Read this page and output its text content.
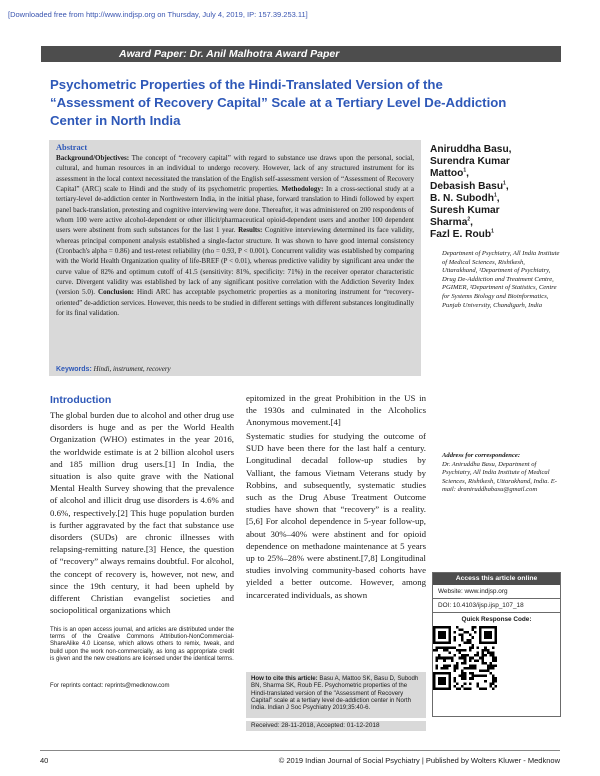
[Downloaded free from http://www.indjsp.org on Thursday, July 4, 2019, IP: 157.39.253.11]
Award Paper: Dr. Anil Malhotra Award Paper
Psychometric Properties of the Hindi-Translated Version of the
“Assessment of Recovery Capital” Scale at a Tertiary Level De-Addiction
Center in North India
Abstract
Background/Objectives: The concept of “recovery capital” with regard to substance use draws upon the personal, social, cultural, and human resources in an individual to undergo recovery. However, lack of any structured instrument for its assessment in the local context necessitated the translation of the English self-assessment version of “Assessment of Recovery Capital” (ARC) scale to Hindi and the study of its psychometric properties. Methodology: In a cross-sectional study at a tertiary-level de-addiction center in Northwestern India, in the initial phase, forward translation to Hindi followed by expert panel back-translation, pretesting and cognitive interviewing were done. Thereafter, it was administered on 200 respondents of whom 100 were active alcohol-dependent or other illicit/pharmaceutical opioid-dependent users and another 100 dependent users were abstinent from such substances for the last 1 year. Results: Cognitive interviewing determined its face validity, whereas principal component analysis established a single-factor structure. It was shown to have good internal consistency (Cronbach's alpha = 0.86) and test-retest reliability (rho = 0.93, P < 0.001). Concurrent validity was established by comparing with the World Health Organization quality of life-BREF (P < 0.01), whereas predictive validity by significant area under the curve value of 82% and optimum cutoff of 41.5 (sensitivity: 81%, specificity: 71%) in the receiver operator characteristic curve. Divergent validity was established by lack of any significant positive correlation with the Addiction Severity Index (version 5.0). Conclusion: Hindi ARC has acceptable psychometric properties as a monitoring instrument for “recovery-oriented” de-addiction services. However, this needs to be studied in different settings with different substances longitudinally for its final validation.
Keywords: Hindi, instrument, recovery
Aniruddha Basu,
Surendra Kumar
Mattoo$^1$,
Debasish Basu$^1$,
B. N. Subodh$^1$,
Suresh Kumar
Sharma$^2$,
Fazl E. Roub$^1$
Department of Psychiatry, All India Institute of Medical Sciences, Rishikesh, Uttarakhand, ¹Department of Psychiatry, Drug De-Addiction and Treatment Centre, PGIMER, ²Department of Statistics, Centre for Systems Biology and Bioinformatics, Punjab University, Chandigarh, India
Address for correspondence:
Dr. Aniruddha Basu, Department of Psychiatry, All India Institute of Medical Sciences, Rishikesh, Uttarakhand, India. E-mail: draniruddhabasu@gmail.com
Access this article online
Website: www.indjsp.org
DOI: 10.4103/ijsp.ijsp_107_18
Quick Response Code:
Introduction
The global burden due to alcohol and other drug use disorders is huge and as per the World Health Organization (WHO) estimates in the year 2016, the worldwide estimate is at 2 billion alcohol users and 185 million drug users.[1] In India, the situation is also quite grave with the National Mental Health Survey showing that the prevalence of alcohol and illicit drug use disorders is 4.6% and 0.6%, respectively.[2] This huge population burden is further aggravated by the fact that substance use disorders (SUDs) are chronic illnesses with relapsing-remitting nature.[3] Hence, the question of “recovery” always remains doubtful. For alcohol, the concept of recovery is, however, not new, and since the 19th century, it had been upheld by different Christian evangelist societies and sociopolitical organizations which
epitomized in the great Prohibition in the US in the 1930s and culminated in the Alcoholics Anonymous movement.[4]
Systematic studies for studying the outcome of SUD have been there for the last half a century. Longitudinal decadal follow-up studies by Valliant, the famous Vietnam Veterans study by Robbins, and subsequently, systematic studies such as the Drug Abuse Treatment Outcome studies have shown that “recovery” is a reality.[5,6] For alcohol dependence in 5-year follow-up, about 30%–40% were abstinent and for opioid dependence on methadone maintenance at 5 years up to 25%–28% were abstinent.[7,8] Longitudinal studies involving community-based cohorts have yielded a better outcome. However, among incarcerated individuals, as shown
This is an open access journal, and articles are distributed under the terms of the Creative Commons Attribution-NonCommercial-ShareAlike 4.0 License, which allows others to remix, tweak, and build upon the work non-commercially, as long as appropriate credit is given and the new creations are licensed under the identical terms.
For reprints contact: reprints@medknow.com
How to cite this article: Basu A, Mattoo SK, Basu D, Subodh BN, Sharma SK, Roub FE. Psychometric properties of the Hindi-translated version of the "Assessment of Recovery Capital" scale at a tertiary level de-addiction center in North India. Indian J Soc Psychiatry 2019;35:40-6.
Received: 28-11-2018, Accepted: 01-12-2018
40	© 2019 Indian Journal of Social Psychiatry | Published by Wolters Kluwer - Medknow
